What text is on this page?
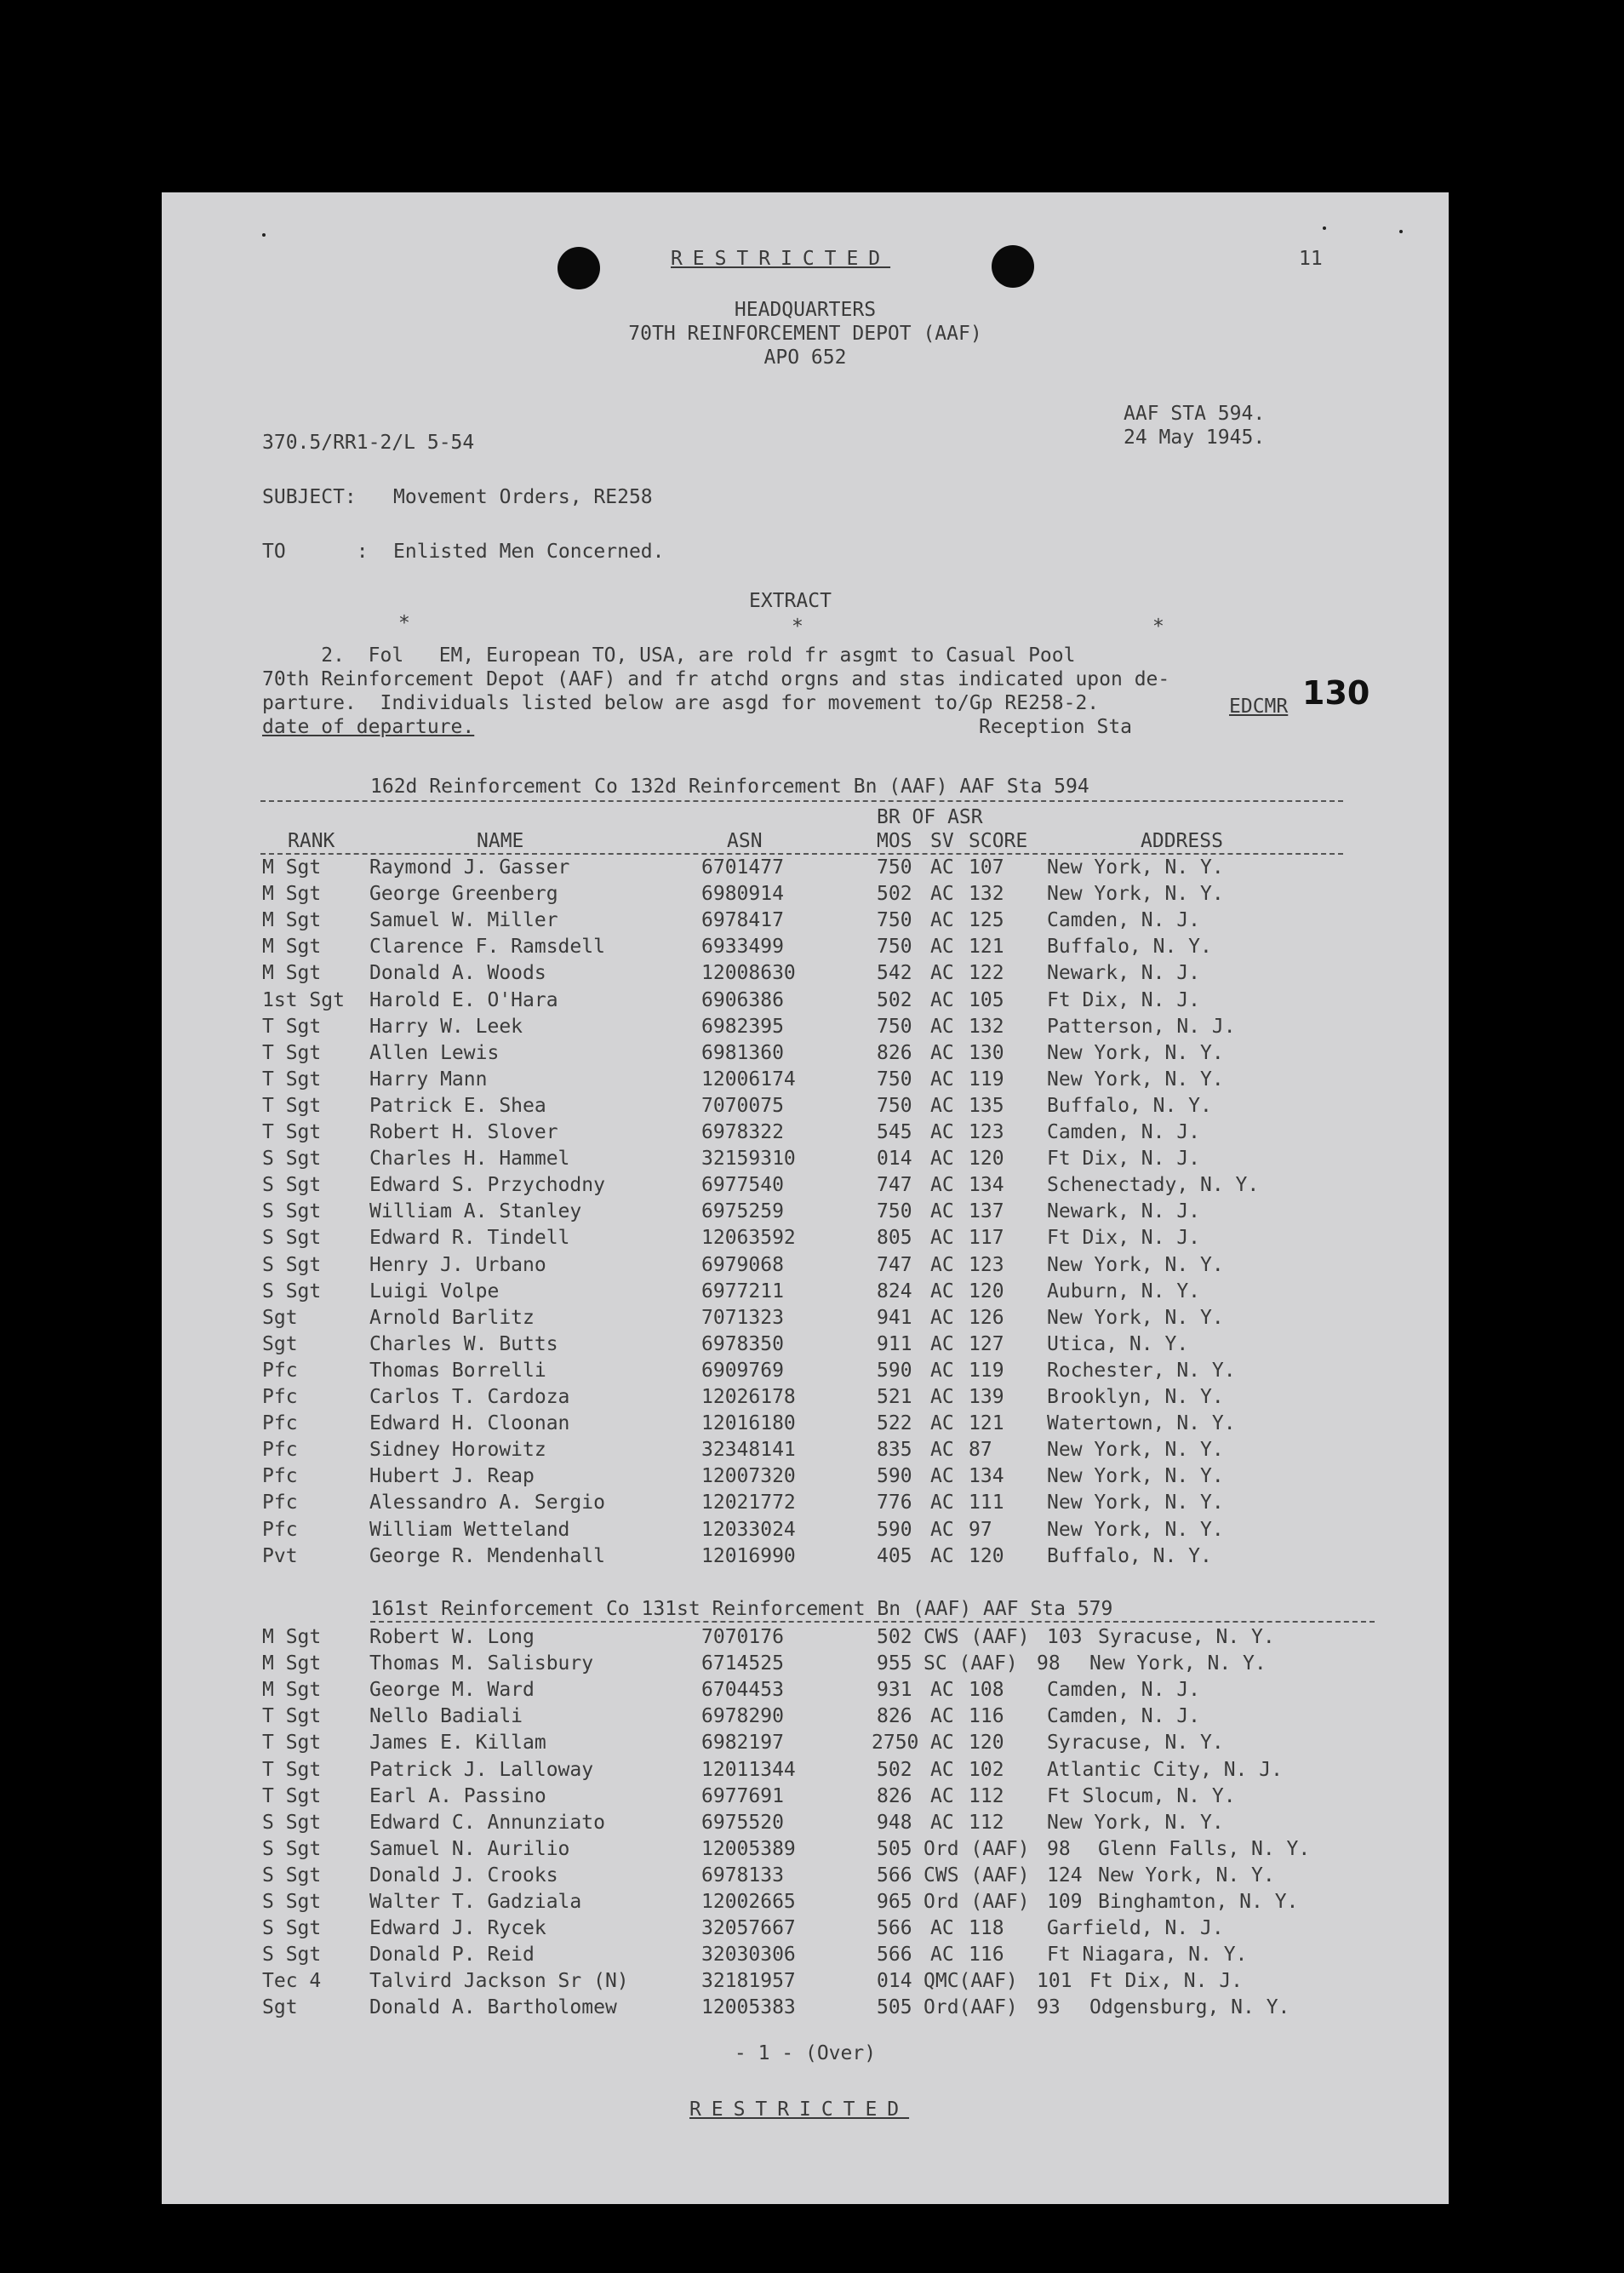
RESTRICTED	11
HEADQUARTERS
70TH REINFORCEMENT DEPOT (AAF)
APO 652
AAF STA 594.
24 May 1945.
370.5/RR1-2/L 5-54
SUBJECT: Movement Orders, RE258
TO      : Enlisted Men Concerned.
EXTRACT
*	*	*
2.  Fol   EM, European TO, USA, are rold fr asgmt to Casual Pool
70th Reinforcement Depot (AAF) and fr atchd orgns and stas indicated upon de-
parture.  Individuals listed below are asgd for movement to/Gp RE258-2.	EDCMR 130
date of departure.	Reception Sta
162d Reinforcement Co 132d Reinforcement Bn (AAF) AAF Sta 594
BR OF ASR
RANK	NAME	ASN	MOS SV SCORE	ADDRESS
M Sgt Raymond J. Gasser	6701477	750 AC 107 New York, N. Y.
M Sgt George Greenberg	6980914	502 AC 132 New York, N. Y.
M Sgt Samuel W. Miller	6978417	750 AC 125 Camden, N. J.
M Sgt Clarence F. Ramsdell	6933499	750 AC 121 Buffalo, N. Y.
M Sgt Donald A. Woods	12008630	542 AC 122 Newark, N. J.
1st Sgt Harold E. O'Hara	6906386	502 AC 105 Ft Dix, N. J.
T Sgt Harry W. Leek	6982395	750 AC 132 Patterson, N. J.
T Sgt Allen Lewis	6981360	826 AC 130 New York, N. Y.
T Sgt Harry Mann	12006174	750 AC 119 New York, N. Y.
T Sgt Patrick E. Shea	7070075	750 AC 135 Buffalo, N. Y.
T Sgt Robert H. Slover	6978322	545 AC 123 Camden, N. J.
S Sgt Charles H. Hammel	32159310	014 AC 120 Ft Dix, N. J.
S Sgt Edward S. Przychodny	6977540	747 AC 134 Schenectady, N. Y.
S Sgt William A. Stanley	6975259	750 AC 137 Newark, N. J.
S Sgt Edward R. Tindell	12063592	805 AC 117 Ft Dix, N. J.
S Sgt Henry J. Urbano	6979068	747 AC 123 New York, N. Y.
S Sgt Luigi Volpe	6977211	824 AC 120 Auburn, N. Y.
Sgt	Arnold Barlitz	7071323	941 AC 126 New York, N. Y.
Sgt	Charles W. Butts	6978350	911 AC 127 Utica, N. Y.
Pfc	Thomas Borrelli	6909769	590 AC 119 Rochester, N. Y.
Pfc	Carlos T. Cardoza	12026178	521 AC 139 Brooklyn, N. Y.
Pfc	Edward H. Cloonan	12016180	522 AC 121 Watertown, N. Y.
Pfc	Sidney Horowitz	32348141	835 AC 87	New York, N. Y.
Pfc	Hubert J. Reap	12007320	590 AC 134 New York, N. Y.
Pfc	Alessandro A. Sergio	12021772	776 AC 111 New York, N. Y.
Pfc	William Wetteland	12033024	590 AC 97	New York, N. Y.
Pvt	George R. Mendenhall	12016990	405 AC 120 Buffalo, N. Y.
161st Reinforcement Co 131st Reinforcement Bn (AAF) AAF Sta 579
M Sgt Robert W. Long	7070176	502 CWS (AAF) 103 Syracuse, N. Y.
M Sgt Thomas M. Salisbury	6714525	955 SC (AAF) 98 New York, N. Y.
M Sgt George M. Ward	6704453	931 AC 108 Camden, N. J.
T Sgt Nello Badiali	6978290	826 AC 116 Camden, N. J.
T Sgt James E. Killam	6982197	2750 AC 120 Syracuse, N. Y.
T Sgt Patrick J. Lalloway	12011344	502 AC 102 Atlantic City, N. J.
T Sgt Earl A. Passino	6977691	826 AC 112 Ft Slocum, N. Y.
S Sgt Edward C. Annunziato	6975520	948 AC 112 New York, N. Y.
S Sgt Samuel N. Aurilio	12005389	505 Ord (AAF) 98 Glenn Falls, N. Y.
S Sgt Donald J. Crooks	6978133	566 CWS (AAF) 124 New York, N. Y.
S Sgt Walter T. Gadziala	12002665	965 Ord (AAF) 109 Binghamton, N. Y.
S Sgt Edward J. Rycek	32057667	566 AC 118 Garfield, N. J.
S Sgt Donald P. Reid	32030306	566 AC 116 Ft Niagara, N. Y.
Tec 4 Talvird Jackson Sr (N)	32181957	014 QMC(AAF) 101 Ft Dix, N. J.
Sgt	Donald A. Bartholomew	12005383	505 Ord(AAF) 93 Odgensburg, N. Y.
- 1 - (Over)
RESTRICTED
